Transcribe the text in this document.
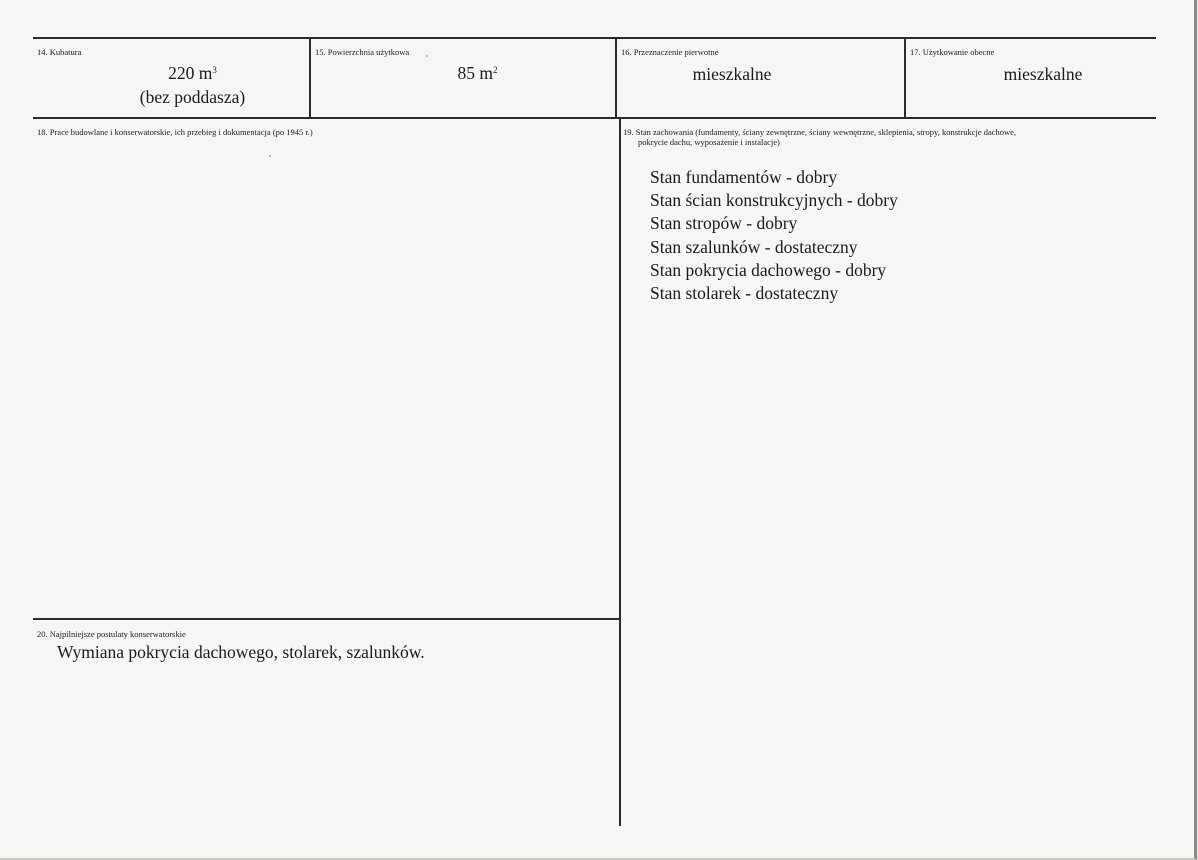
14. Kubatura
220 $m^3$
(bez poddasza)
15. Powierzchnia użytkowa
85 $m^2$
16. Przeznaczenie pierwotne
mieszkalne
17. Użytkowanie obecne
mieszkalne
18. Prace budowlane i konserwatorskie, ich przebieg i dokumentacja (po 1945 r.)	19. Stan zachowania (fundamenty, ściany zewnętrzne, ściany wewnętrzne, sklepienia, stropy, konstrukcje dachowe,
pokrycie dachu, wyposażenie i instalacje)
Stan fundamentów - dobry
Stan ścian konstrukcyjnych - dobry
Stan stropów - dobry
Stan szalunków - dostateczny
Stan pokrycia dachowego - dobry
Stan stolarek - dostateczny
20. Najpilniejsze postulaty konserwatorskie
Wymiana pokrycia dachowego, stolarek, szalunków.
